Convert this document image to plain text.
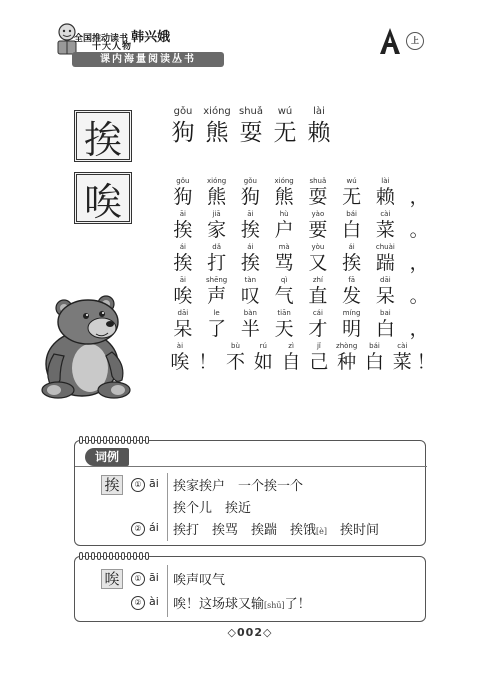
全国推动读书 韩兴娥
十大人物
课内海量阅读丛书
上
挨
唉
gǒu
狗
xióng
熊
shuǎ
耍
wú
无
lài
赖
gǒu
狗
xióng
熊
gǒu
狗
xióng
熊
shuǎ
耍
wú
无
lài
赖 ，
āi
挨
jiā
家
āi
挨
hù
户
yào
要
bái
白
cài
菜 。
ái
挨
dǎ
打
ái
挨
mà
骂
yòu
又
ái
挨
chuài
踹 ，
āi
唉
shēng
声
tàn
叹
qì
气
zhí
直
fā
发
dāi
呆 。
dāi
呆
le
了
bàn
半
tiān
天
cái
才
míng
明
bai
白 ，
ài
唉 ！
bù
不
rú
如
zì
自
jǐ
己
zhòng
种
bái
白
cài
菜 ！
词例
挨	① āi 挨家挨户　一个挨一个
挨个儿　挨近
② ái 挨打　挨骂　挨踹　挨饿[è]　挨时间
唉	① āi 唉声叹气
② ài 唉！这场球又输[shū]了！
◇002◇
